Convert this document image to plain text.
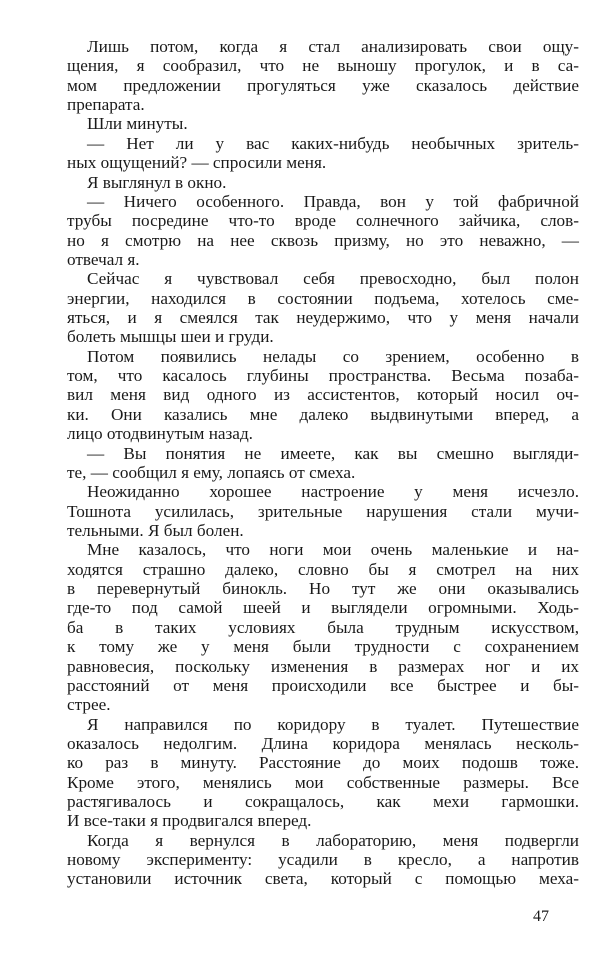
Лишь потом, когда я стал анализировать свои ощу-
щения, я сообразил, что не выношу прогулок, и в са-
мом предложении прогуляться уже сказалось действие
препарата.
Шли минуты.
— Нет ли у вас каких-нибудь необычных зритель-
ных ощущений? — спросили меня.
Я выглянул в окно.
— Ничего особенного. Правда, вон у той фабричной
трубы посредине что-то вроде солнечного зайчика, слов-
но я смотрю на нее сквозь призму, но это неважно, —
отвечал я.
Сейчас я чувствовал себя превосходно, был полон
энергии, находился в состоянии подъема, хотелось сме-
яться, и я смеялся так неудержимо, что у меня начали
болеть мышцы шеи и груди.
Потом появились нелады со зрением, особенно в
том, что касалось глубины пространства. Весьма позаба-
вил меня вид одного из ассистентов, который носил оч-
ки. Они казались мне далеко выдвинутыми вперед, а
лицо отодвинутым назад.
— Вы понятия не имеете, как вы смешно выгляди-
те, — сообщил я ему, лопаясь от смеха.
Неожиданно хорошее настроение у меня исчезло.
Тошнота усилилась, зрительные нарушения стали мучи-
тельными. Я был болен.
Мне казалось, что ноги мои очень маленькие и на-
ходятся страшно далеко, словно бы я смотрел на них
в перевернутый бинокль. Но тут же они оказывались
где-то под самой шеей и выглядели огромными. Ходь-
ба в таких условиях была трудным искусством,
к тому же у меня были трудности с сохранением
равновесия, поскольку изменения в размерах ног и их
расстояний от меня происходили все быстрее и бы-
стрее.
Я направился по коридору в туалет. Путешествие
оказалось недолгим. Длина коридора менялась несколь-
ко раз в минуту. Расстояние до моих подошв тоже.
Кроме этого, менялись мои собственные размеры. Все
растягивалось и сокращалось, как мехи гармошки.
И все-таки я продвигался вперед.
Когда я вернулся в лабораторию, меня подвергли
новому эксперименту: усадили в кресло, а напротив
установили источник света, который с помощью меха-
47
